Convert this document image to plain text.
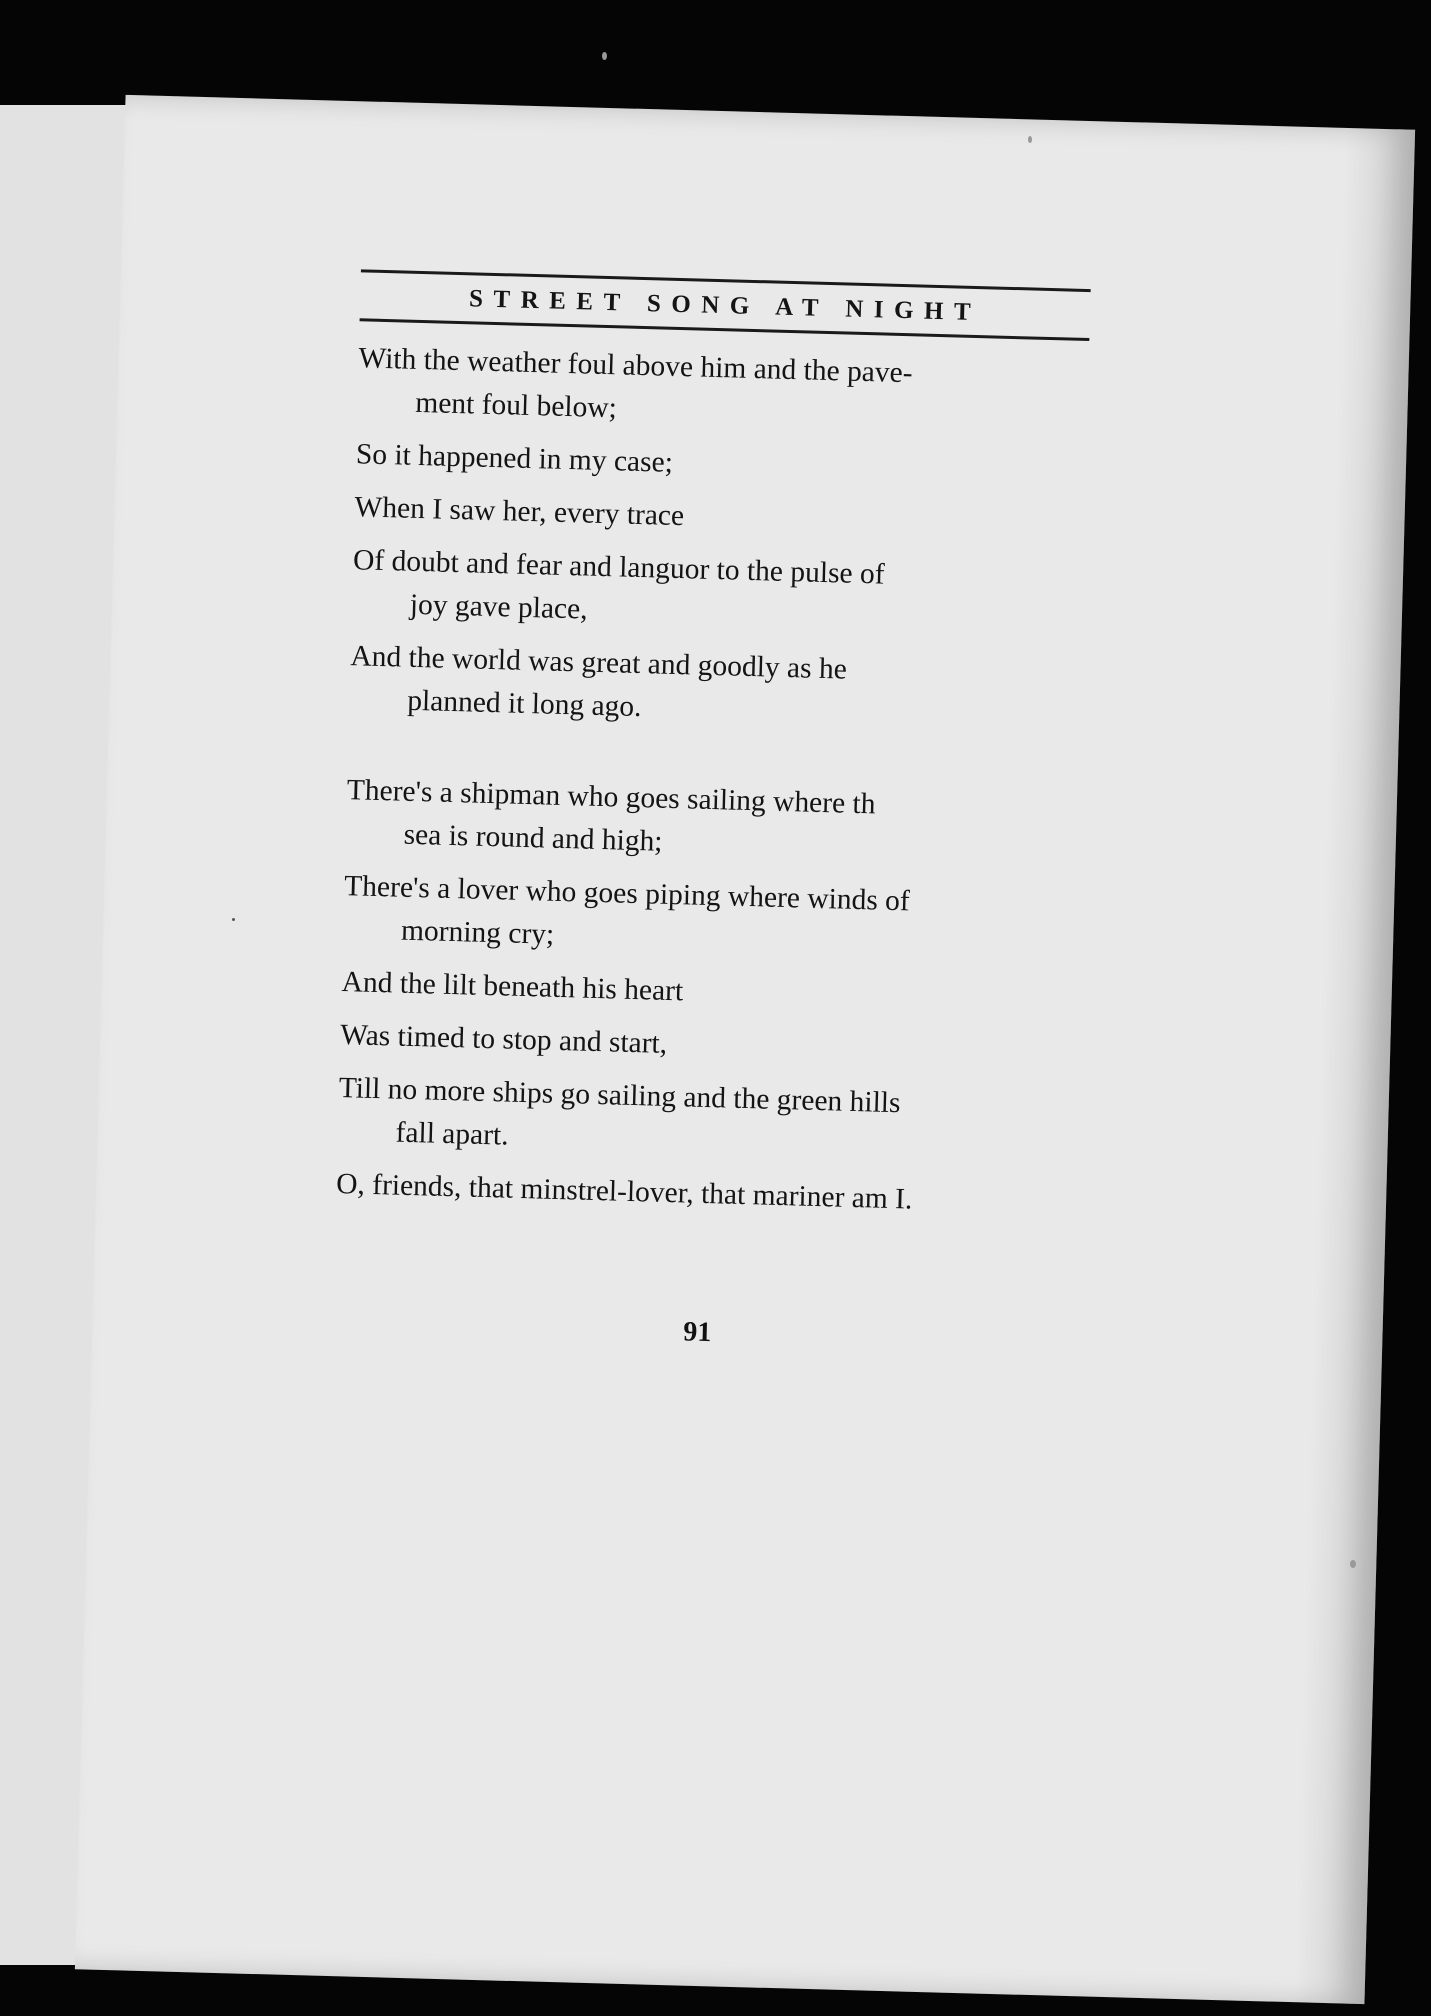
STREET SONG AT NIGHT

With the weather foul above him and the pave-
ment foul below;

So it happened in my case;

When I saw her, every trace

Of doubt and fear and languor to the pulse of
joy gave place,

And the world was great and goodly as he
planned it long ago.

There's a shipman who goes sailing where th
sea is round and high;

There's a lover who goes piping where winds of
morning cry;

And the lilt beneath his heart

Was timed to stop and start,

Till no more ships go sailing and the green hills
fall apart.

O, friends, that minstrel-lover, that mariner am I.

91
